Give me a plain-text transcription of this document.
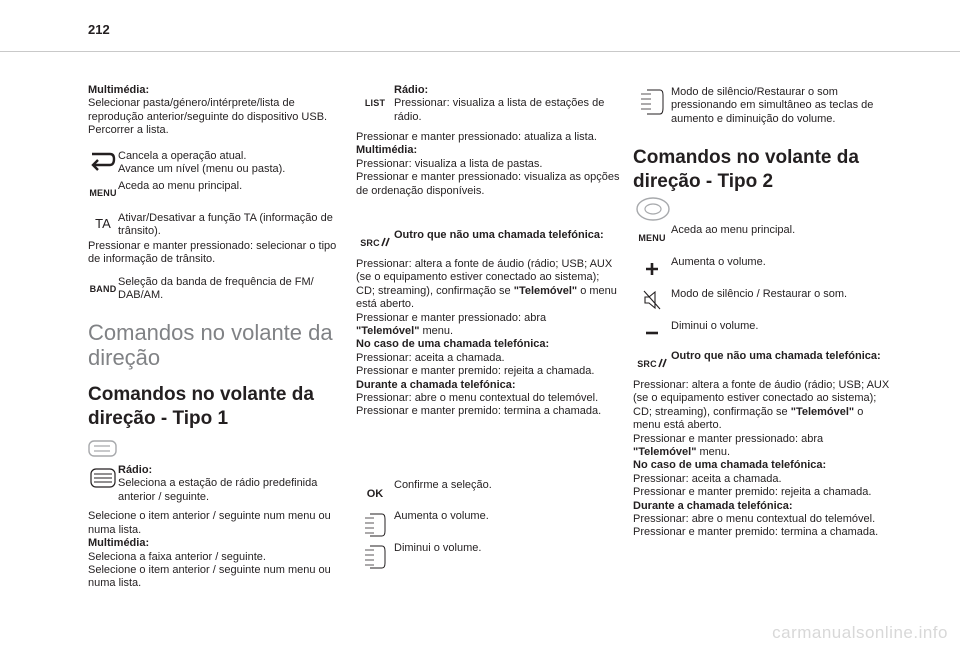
212
Multimédia:
Selecionar pasta/género/intérprete/lista de reprodução anterior/seguinte do dispositivo USB. Percorrer a lista.
Cancela a operação atual.
Avance um nível (menu ou pasta).
MENU
Aceda ao menu principal.
TA Ativar/Desativar a função TA (informação de trânsito).
Pressionar e manter pressionado: selecionar o tipo de informação de trânsito.
BAND
Seleção da banda de frequência de FM/ DAB/AM.
Comandos no volante da direção
Comandos no volante da direção - Tipo 1
Rádio:
Seleciona a estação de rádio predefinida anterior / seguinte.
Selecione o item anterior / seguinte num menu ou numa lista.
Multimédia:
Seleciona a faixa anterior / seguinte.
Selecione o item anterior / seguinte num menu ou numa lista.
LIST
Rádio:
Pressionar: visualiza a lista de estações de rádio.
Pressionar e manter pressionado: atualiza a lista.
Multimédia:
Pressionar: visualiza a lista de pastas.
Pressionar e manter pressionado: visualiza as opções de ordenação disponíveis.
SRC
Outro que não uma chamada telefónica:
Pressionar: altera a fonte de áudio (rádio; USB; AUX (se o equipamento estiver conectado ao sistema); CD; streaming), confirmação se "Telemóvel" o menu está aberto.
Pressionar e manter pressionado: abra
"Telemóvel" menu.
No caso de uma chamada telefónica:
Pressionar: aceita a chamada.
Pressionar e manter premido: rejeita a chamada.
Durante a chamada telefónica:
Pressionar: abre o menu contextual do telemóvel.
Pressionar e manter premido: termina a chamada.
OK
Confirme a seleção.
Aumenta o volume.
Diminui o volume.
Modo de silêncio/Restaurar o som pressionando em simultâneo as teclas de aumento e diminuição do volume.
Comandos no volante da direção - Tipo 2
MENU
Aceda ao menu principal.
Aumenta o volume.
Modo de silêncio / Restaurar o som.
Diminui o volume.
SRC
Outro que não uma chamada telefónica:
Pressionar: altera a fonte de áudio (rádio; USB; AUX (se o equipamento estiver conectado ao sistema); CD; streaming), confirmação se "Telemóvel" o menu está aberto.
Pressionar e manter pressionado: abra
"Telemóvel" menu.
No caso de uma chamada telefónica:
Pressionar: aceita a chamada.
Pressionar e manter premido: rejeita a chamada.
Durante a chamada telefónica:
Pressionar: abre o menu contextual do telemóvel.
Pressionar e manter premido: termina a chamada.
carmanualsonline.info
